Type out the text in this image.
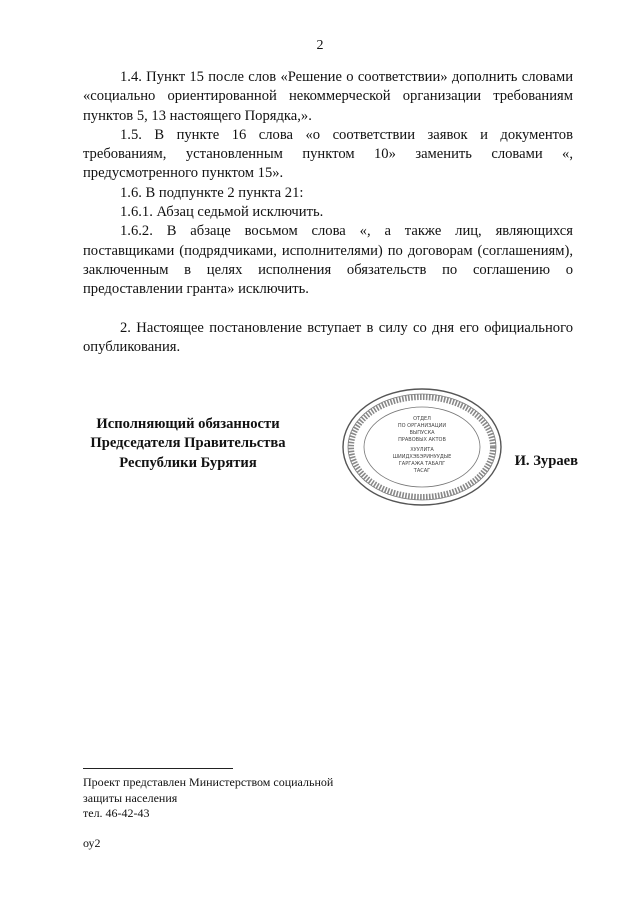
2

1.4. Пункт 15 после слов «Решение о соответствии» дополнить словами «социально ориентированной некоммерческой организации требованиям пунктов 5, 13 настоящего Порядка,».

1.5. В пункте 16 слова «о соответствии заявок и документов требованиям, установленным пунктом 10» заменить словами «, предусмотренного пунктом 15».

1.6. В подпункте 2 пункта 21:

1.6.1. Абзац седьмой исключить.

1.6.2. В абзаце восьмом слова «, а также лиц, являющихся поставщиками (подрядчиками, исполнителями) по договорам (соглашениям), заключенным в целях исполнения обязательств по соглашению о предоставлении гранта» исключить.

2. Настоящее постановление вступает в силу со дня его официального опубликования.

Исполняющий обязанности
Председателя Правительства
Республики Бурятия
ОТДЕЛ
ПО ОРГАНИЗАЦИИ
ВЫПУСКА
ПРАВОВЫХ АКТОВ
ХУУЛИТА
ШИИДХЭБЭРИНУУДЫЕ
ГАРГАЖА ТАБАЛГ
ТАСАГ
И. Зураев

Проект представлен Министерством социальной

защиты населения

тел. 46-42-43

оу2
